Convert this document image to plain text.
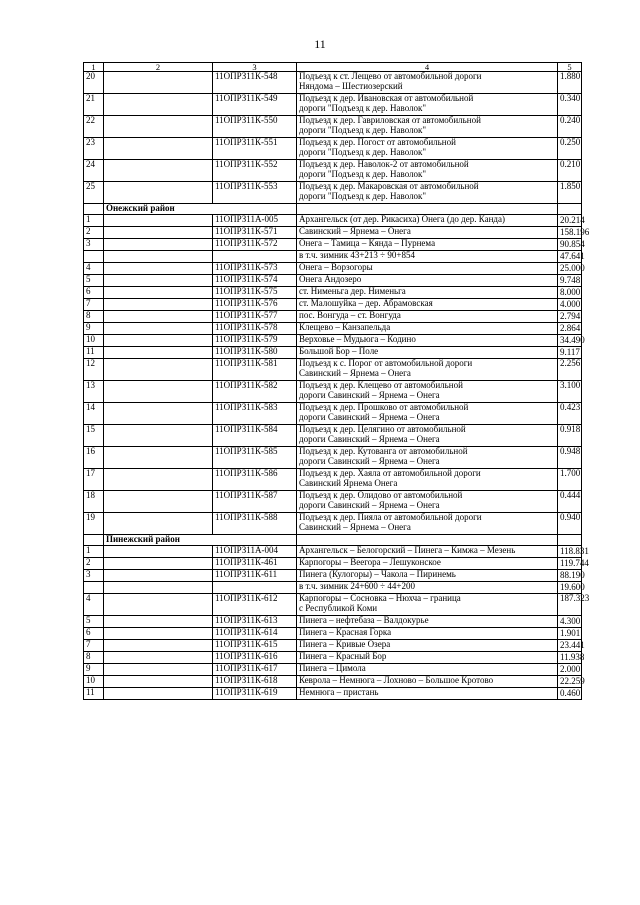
11
1	2	3	4	5
20		11ОПРЗ11К-548	Подъезд к ст. Лещево от автомобильной дороги
Няндома – Шестиозерский	1.880
21		11ОПРЗ11К-549	Подъезд к дер. Ивановская от автомобильной
дороги "Подъезд к дер. Наволок"	0.340
22		11ОПРЗ11К-550	Подъезд к дер. Гавриловская от автомобильной
дороги "Подъезд к дер. Наволок"	0.240
23		11ОПРЗ11К-551	Подъезд к дер. Погост от автомобильной
дороги "Подъезд к дер. Наволок"	0.250
24		11ОПРЗ11К-552	Подъезд к дер. Наволок-2 от автомобильной
дороги "Подъезд к дер. Наволок"	0.210
25		11ОПРЗ11К-553	Подъезд к дер. Макаровская от автомобильной
дороги "Подъезд к дер. Наволок"	1.850
	Онежский район			
1		11ОПРЗ11А-005	Архангельск (от дер. Рикасиха) Онега (до дер. Канда)	20.214
2		11ОПРЗ11К-571	Савинский – Ярнема – Онега	158.196
3		11ОПРЗ11К-572	Онега – Тамица – Кянда – Пурнема	90.854

			в т.ч. зимник 43+213 ÷ 90+854	47.641
4		11ОПРЗ11К-573	Онега – Ворзогоры	25.000
5		11ОПРЗ11К-574	Онега Андозеро	9.748
6		11ОПРЗ11К-575	ст. Нименьга дер. Нименьга	8.000
7		11ОПРЗ11К-576	ст. Малошуйка – дер. Абрамовская	4.000
8		11ОПРЗ11К-577	пос. Вонгуда – ст. Вонгуда	2.794
9		11ОПРЗ11К-578	Клещево – Канзапельда	2.864
10		11ОПРЗ11К-579	Верховье – Мудьюга – Кодино	34.490
11		11ОПРЗ11К-580	Большой Бор – Поле	9.117
12		11ОПРЗ11К-581	Подъезд к с. Порог от автомобильной дороги
Савинский – Ярнема – Онега	2.256
13		11ОПРЗ11К-582	Подъезд к дер. Клещево от автомобильной
дороги Савинский – Ярнема – Онега	3.100
14		11ОПРЗ11К-583	Подъезд к дер. Прошково от автомобильной
дороги Савинский – Ярнема – Онега	0.423
15		11ОПРЗ11К-584	Подъезд к дер. Целягино от автомобильной
дороги Савинский – Ярнема – Онега	0.918
16		11ОПРЗ11К-585	Подъезд к дер. Кутованга от автомобильной
дороги Савинский – Ярнема – Онега	0.948
17		11ОПРЗ11К-586	Подъезд к дер. Хаяла от автомобильной дороги
Савинский Ярнема Онега	1.700
18		11ОПРЗ11К-587	Подъезд к дер. Олидово от автомобильной
дороги Савинский – Ярнема – Онега	0.444
19		11ОПРЗ11К-588	Подъезд к дер. Пияла от автомобильной дороги
Савинский – Ярнема – Онега	0.940
	Пинежский район			
1		11ОПРЗ11А-004	Архангельск – Белогорский – Пинега – Кимжа – Мезень	118.831
2		11ОПРЗ11К-461	Карпогоры – Веегора – Лешуконское	119.744
3		11ОПРЗ11К-611	Пинега (Кулогоры) – Чакола – Пиринемь	88.190

			в т.ч. зимник 24+600 ÷ 44+200	19.600
4		11ОПРЗ11К-612	Карпогоры – Сосновка – Нюхча – граница
с Республикой Коми	187.323
5		11ОПРЗ11К-613	Пинега – нефтебаза – Валдокурье	4.300
6		11ОПРЗ11К-614	Пинега – Красная Горка	1.901
7		11ОПРЗ11К-615	Пинега – Кривые Озера	23.441
8		11ОПРЗ11К-616	Пинега – Красный Бор	11.938
9		11ОПРЗ11К-617	Пинега – Цимола	2.000
10		11ОПРЗ11К-618	Кеврола – Немнюга – Лохново – Большое Кротово	22.259
11		11ОПРЗ11К-619	Немнюга – пристань	0.460
